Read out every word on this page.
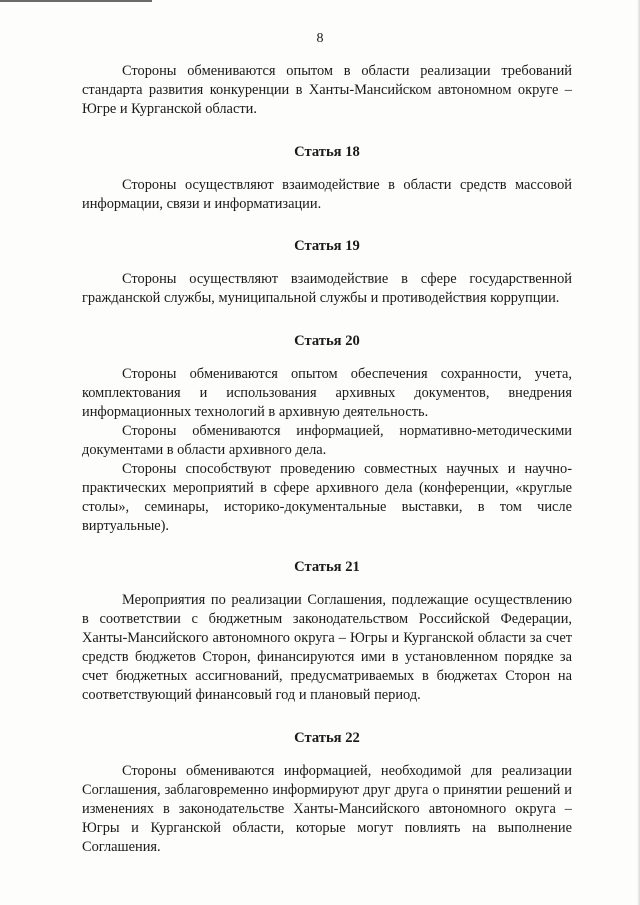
8

Стороны обмениваются опытом в области реализации требований стандарта развития конкуренции в Ханты-Мансийском автономном округе – Югре и Курганской области.

Статья 18

Стороны осуществляют взаимодействие в области средств массовой информации, связи и информатизации.

Статья 19

Стороны осуществляют взаимодействие в сфере государственной гражданской службы, муниципальной службы и противодействия коррупции.

Статья 20

Стороны обмениваются опытом обеспечения сохранности, учета, комплектования и использования архивных документов, внедрения информационных технологий в архивную деятельность.

Стороны обмениваются информацией, нормативно-методическими документами в области архивного дела.

Стороны способствуют проведению совместных научных и научно-практических мероприятий в сфере архивного дела (конференции, «круглые столы», семинары, историко-документальные выставки, в том числе виртуальные).

Статья 21

Мероприятия по реализации Соглашения, подлежащие осуществлению в соответствии с бюджетным законодательством Российской Федерации, Ханты-Мансийского автономного округа – Югры и Курганской области за счет средств бюджетов Сторон, финансируются ими в установленном порядке за счет бюджетных ассигнований, предусматриваемых в бюджетах Сторон на соответствующий финансовый год и плановый период.

Статья 22

Стороны обмениваются информацией, необходимой для реализации Соглашения, заблаговременно информируют друг друга о принятии решений и изменениях в законодательстве Ханты-Мансийского автономного округа – Югры и Курганской области, которые могут повлиять на выполнение Соглашения.
